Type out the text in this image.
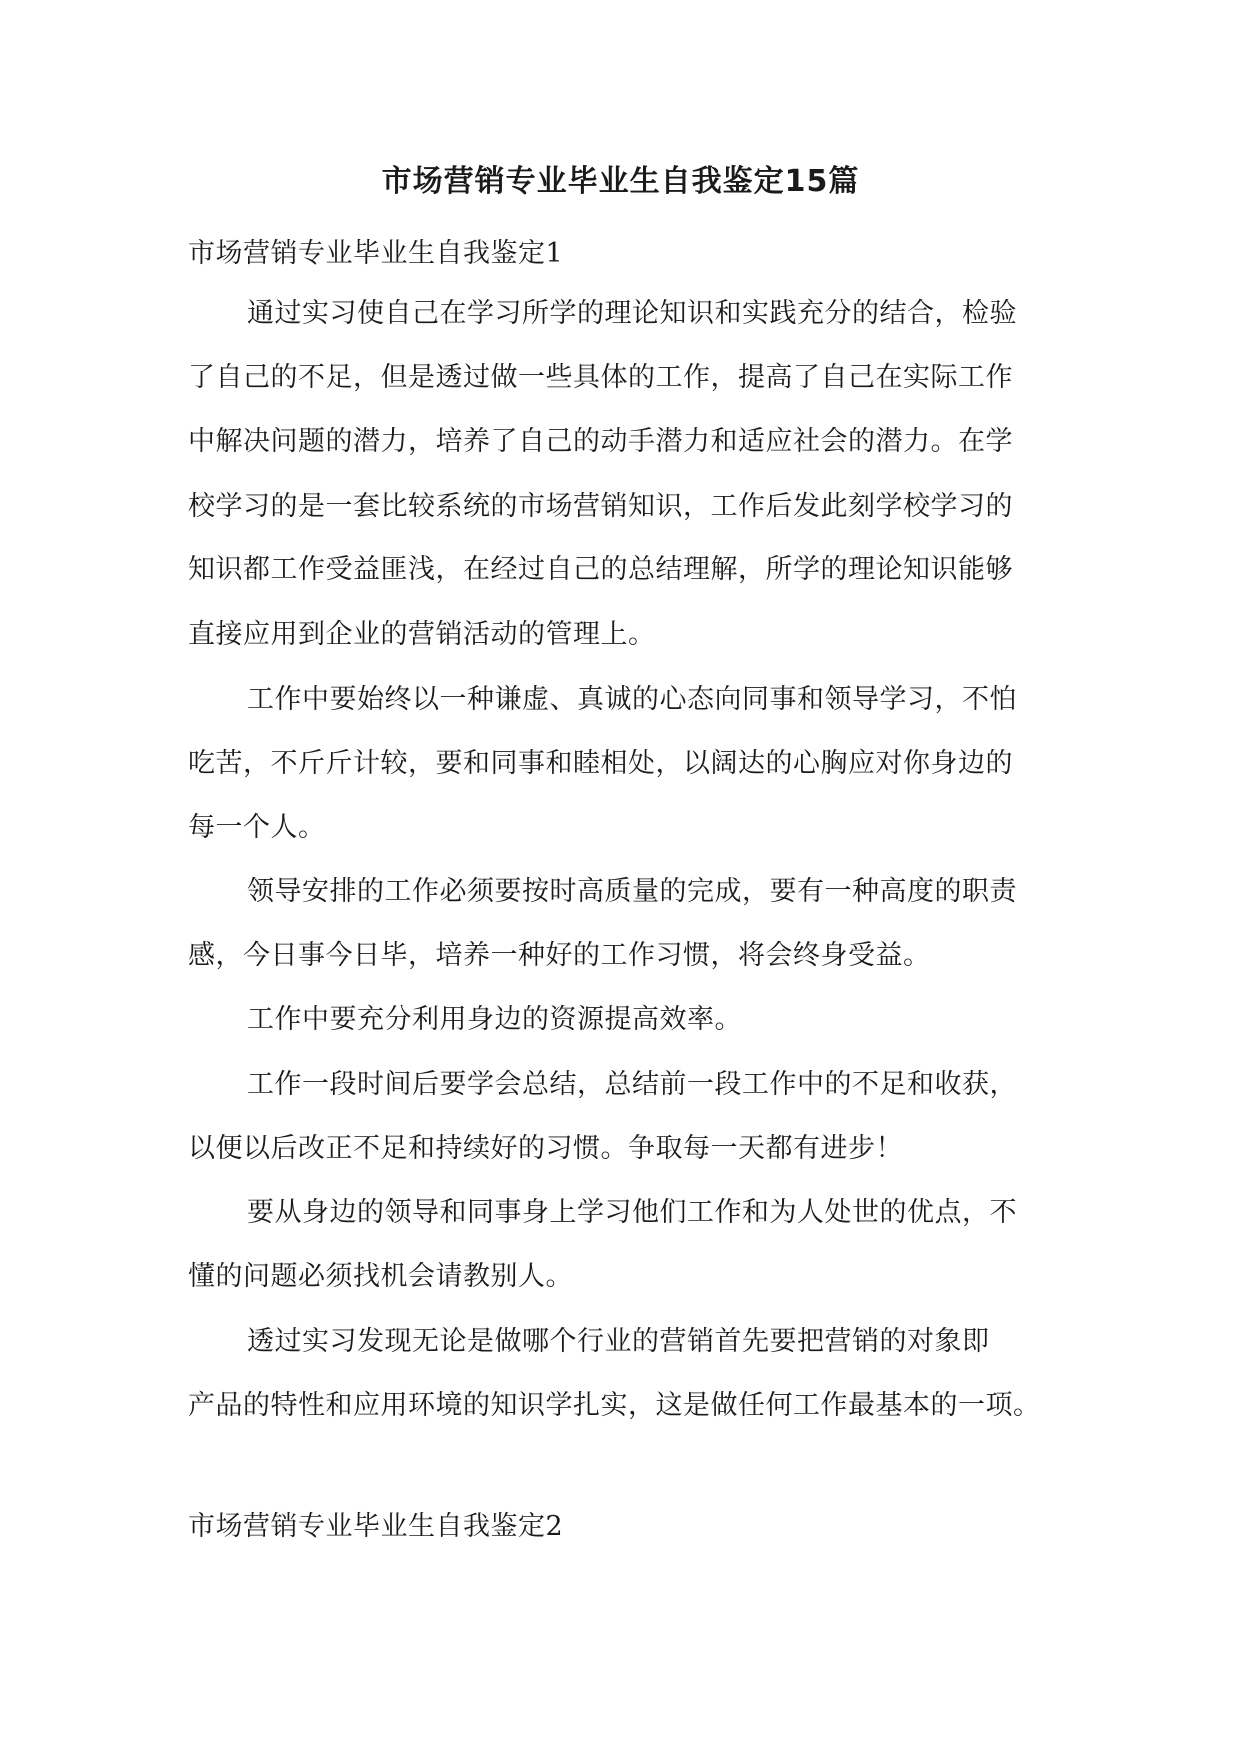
市场营销专业毕业生自我鉴定15篇
市场营销专业毕业生自我鉴定1
通过实习使自己在学习所学的理论知识和实践充分的结合，检验
了自己的不足，但是透过做一些具体的工作，提高了自己在实际工作
中解决问题的潜力，培养了自己的动手潜力和适应社会的潜力。在学
校学习的是一套比较系统的市场营销知识，工作后发此刻学校学习的
知识都工作受益匪浅，在经过自己的总结理解，所学的理论知识能够
直接应用到企业的营销活动的管理上。
工作中要始终以一种谦虚、真诚的心态向同事和领导学习，不怕
吃苦，不斤斤计较，要和同事和睦相处，以阔达的心胸应对你身边的
每一个人。
领导安排的工作必须要按时高质量的完成，要有一种高度的职责
感，今日事今日毕，培养一种好的工作习惯，将会终身受益。
工作中要充分利用身边的资源提高效率。
工作一段时间后要学会总结，总结前一段工作中的不足和收获，
以便以后改正不足和持续好的习惯。争取每一天都有进步！
要从身边的领导和同事身上学习他们工作和为人处世的优点，不
懂的问题必须找机会请教别人。
透过实习发现无论是做哪个行业的营销首先要把营销的对象即
产品的特性和应用环境的知识学扎实，这是做任何工作最基本的一项。
市场营销专业毕业生自我鉴定2
